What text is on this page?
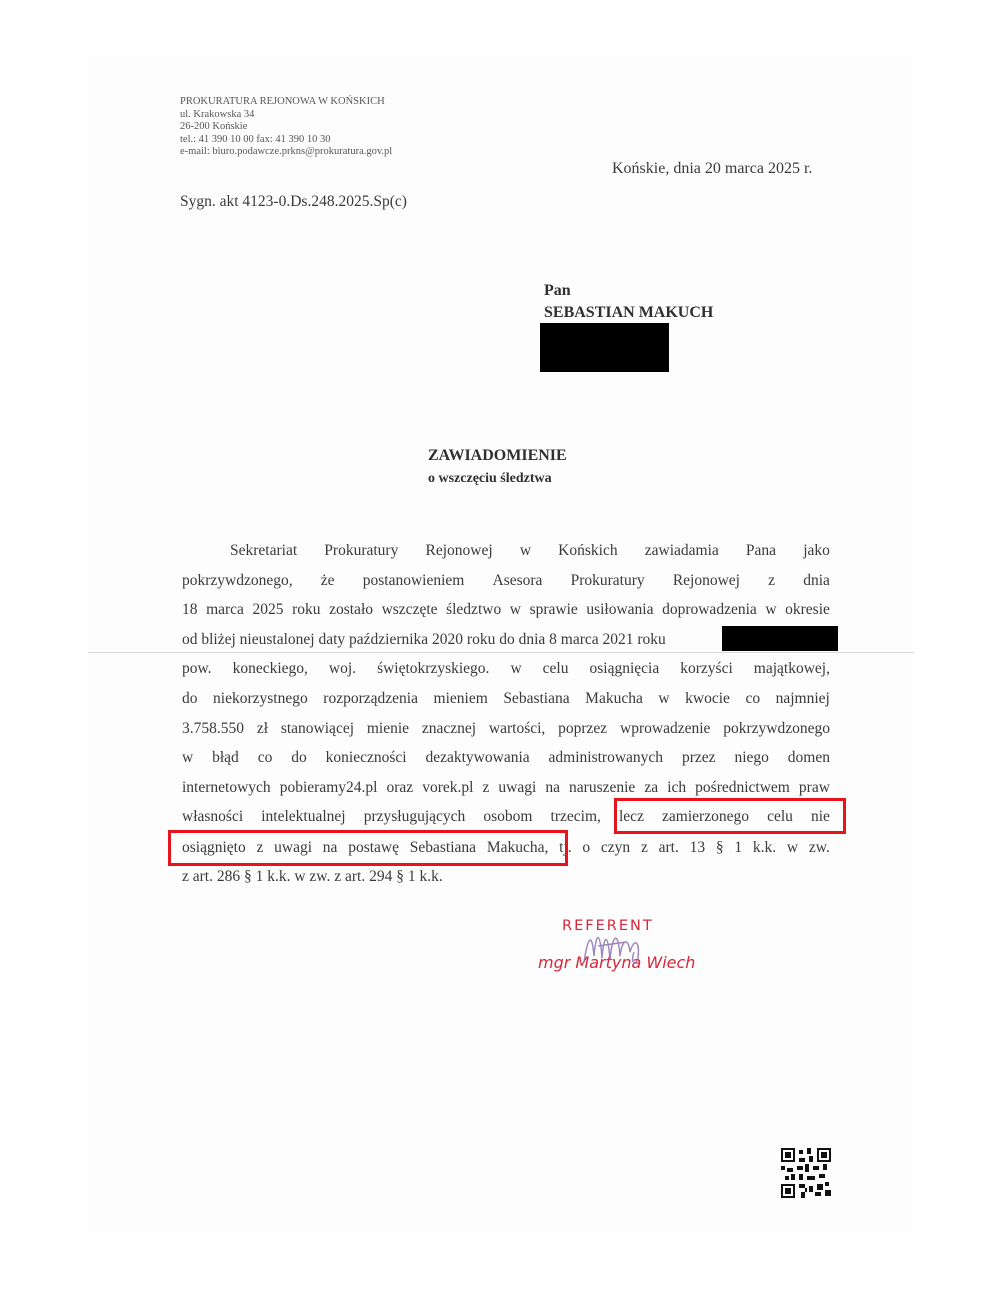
PROKURATURA REJONOWA W KOŃSKICH
ul. Krakowska 34
26-200 Końskie
tel.: 41 390 10 00 fax: 41 390 10 30
e-mail: biuro.podawcze.prkns@prokuratura.gov.pl
Końskie, dnia 20 marca 2025 r.
Sygn. akt 4123-0.Ds.248.2025.Sp(c)
Pan
SEBASTIAN MAKUCH
ZAWIADOMIENIE
o wszczęciu śledztwa
Sekretariat Prokuratury Rejonowej w Końskich zawiadamia Pana jako
pokrzywdzonego, że postanowieniem Asesora Prokuratury Rejonowej z dnia
18 marca 2025 roku zostało wszczęte śledztwo w sprawie usiłowania doprowadzenia w okresie
od bliżej nieustalonej daty października 2020 roku do dnia 8 marca 2021 roku
pow. koneckiego, woj. świętokrzyskiego. w celu osiągnięcia korzyści majątkowej,
do niekorzystnego rozporządzenia mieniem Sebastiana Makucha w kwocie co najmniej
3.758.550 zł stanowiącej mienie znacznej wartości, poprzez wprowadzenie pokrzywdzonego
w błąd co do konieczności dezaktywowania administrowanych przez niego domen
internetowych pobieramy24.pl oraz vorek.pl z uwagi na naruszenie za ich pośrednictwem praw
własności intelektualnej przysługujących osobom trzecim, lecz zamierzonego celu nie
osiągnięto z uwagi na postawę Sebastiana Makucha, tj. o czyn z art. 13 § 1 k.k. w zw.
z art. 286 § 1 k.k. w zw. z art. 294 § 1 k.k.
REFERENT
mgr Martyna Wiech
